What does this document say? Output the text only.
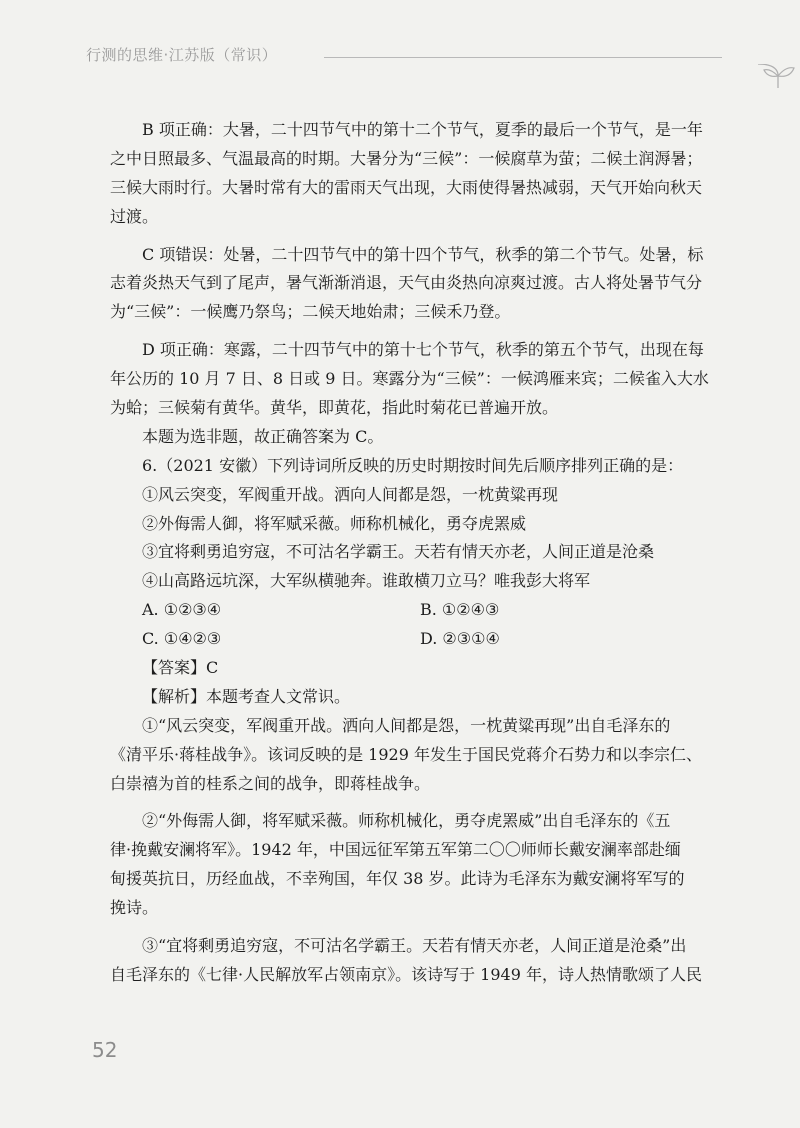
行测的思维·江苏版（常识）
B 项正确：大暑，二十四节气中的第十二个节气，夏季的最后一个节气，是一年
之中日照最多、气温最高的时期。大暑分为“三候”：一候腐草为萤；二候土润溽暑；
三候大雨时行。大暑时常有大的雷雨天气出现，大雨使得暑热减弱，天气开始向秋天
过渡。
C 项错误：处暑，二十四节气中的第十四个节气，秋季的第二个节气。处暑，标
志着炎热天气到了尾声，暑气渐渐消退，天气由炎热向凉爽过渡。古人将处暑节气分
为“三候”：一候鹰乃祭鸟；二候天地始肃；三候禾乃登。
D 项正确：寒露，二十四节气中的第十七个节气，秋季的第五个节气，出现在每
年公历的 10 月 7 日、8 日或 9 日。寒露分为“三候”：一候鸿雁来宾；二候雀入大水
为蛤；三候菊有黄华。黄华，即黄花，指此时菊花已普遍开放。
本题为选非题，故正确答案为 C。
6.（2021 安徽）下列诗词所反映的历史时期按时间先后顺序排列正确的是：
①风云突变，军阀重开战。洒向人间都是怨，一枕黄粱再现
②外侮需人御，将军赋采薇。师称机械化，勇夺虎罴威
③宜将剩勇追穷寇，不可沽名学霸王。天若有情天亦老，人间正道是沧桑
④山高路远坑深，大军纵横驰奔。谁敢横刀立马？唯我彭大将军
A. ①②③④	B. ①②④③
C. ①④②③	D. ②③①④
【答案】C
【解析】本题考查人文常识。
①“风云突变，军阀重开战。洒向人间都是怨，一枕黄粱再现”出自毛泽东的
《清平乐·蒋桂战争》。该词反映的是 1929 年发生于国民党蒋介石势力和以李宗仁、
白崇禧为首的桂系之间的战争，即蒋桂战争。
②“外侮需人御，将军赋采薇。师称机械化，勇夺虎罴威”出自毛泽东的《五
律·挽戴安澜将军》。1942 年，中国远征军第五军第二〇〇师师长戴安澜率部赴缅
甸援英抗日，历经血战，不幸殉国，年仅 38 岁。此诗为毛泽东为戴安澜将军写的
挽诗。
③“宜将剩勇追穷寇，不可沽名学霸王。天若有情天亦老，人间正道是沧桑”出
自毛泽东的《七律·人民解放军占领南京》。该诗写于 1949 年，诗人热情歌颂了人民
52
